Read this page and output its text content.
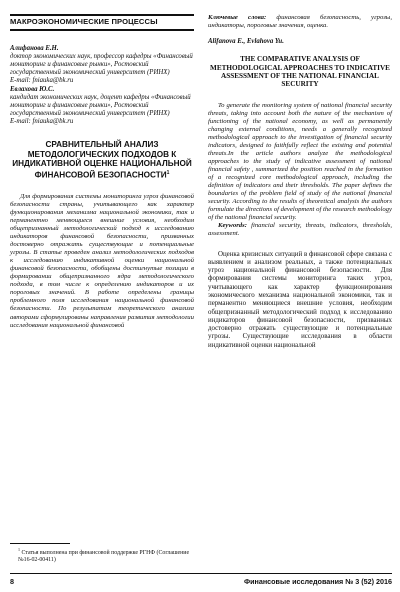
МАКРОЭКОНОМИЧЕСКИЕ ПРОЦЕССЫ
Алифанова Е.Н.
доктор экономических наук, профессор кафедры «Финансовый мониторинг и финансовые рынки», Ростовский государственный экономический университет (РИНХ)
E-mail: fniauka@bk.ru
Евлахова Ю.С.
кандидат экономических наук, доцент кафедры «Финансовый мониторинг и финансовые рынки», Ростовский государственный экономический университет (РИНХ)
E-mail: fniauka@bk.ru
СРАВНИТЕЛЬНЫЙ АНАЛИЗ МЕТОДОЛОГИЧЕСКИХ ПОДХОДОВ К ИНДИКАТИВНОЙ ОЦЕНКЕ НАЦИОНАЛЬНОЙ ФИНАНСОВОЙ БЕЗОПАСНОСТИ$^1$

Для формирования системы мониторинга угроз финансовой безопасности страны, учитывающего как характер функционирования механизма национальной экономики, так и перманентно меняющиеся внешние условия, необходим общепризнанный методологический подход к исследованию индикаторов финансовой безопасности, призванных достоверно отражать существующие и потенциальные угрозы. В статье проведен анализ методологических подходов к исследованию индикативной оценки национальной финансовой безопасности, обобщены достигнутые позиции в формировании общепризнанного ядра методологического подхода, в том числе к определению индикаторов и их пороговых значений. В работе определены границы проблемного поля исследования национальной финансовой безопасности. По результатам теоретического анализа авторами сформулированы направления развития методологии исследования национальной финансовой

$^1$ Статья выполнена при финансовой поддержке РГНФ (Соглашение №16-02-00411)
Ключевые слова: финансовая безопасность, угрозы, индикаторы, пороговые значения, оценка.
Alifanova E., Evlahova Yu.
THE COMPARATIVE ANALYSIS OF METHODOLOGICAL APPROACHES TO INDICATIVE ASSESSMENT OF THE NATIONAL FINANCIAL SECURITY

To generate the monitoring system of national financial security threats, taking into account both the nature of the mechanism of functioning of the national economy, as well as permanently changing external conditions, needs a generally recognized methodological approach to the investigation of financial security indicators, designed to faithfully reflect the existing and potential threats.In the article authors analyze the methodological approaches to the study of indicative assessment of national financial safety , summarized the position reached in the formation of a recognized core methodological approach, including the definition of indicators and their thresholds. The paper defines the boundaries of the problem field of study of the national financial security. According to the results of theoretical analysis the authors formulate the directions of development of the research methodology of the national financial security.

Keywords: financial security, threats, indicators, thresholds, assessment.

Оценка кризисных ситуаций в финансовой сфере связана с выявлением и анализом реальных, а также потенциальных угроз национальной финансовой безопасности. Для формирования системы мониторинга таких угроз, учитывающего как характер функционирования экономического механизма национальной экономики, так и перманентно меняющиеся внешние условия, необходим общепризнанный методологический подход к исследованию индикаторов финансовой безопасности, призванных достоверно отражать существующие и потенциальные угрозы. Существующие исследования в области индикативной оценки национальной

8	Финансовые исследования № 3 (52) 2016
